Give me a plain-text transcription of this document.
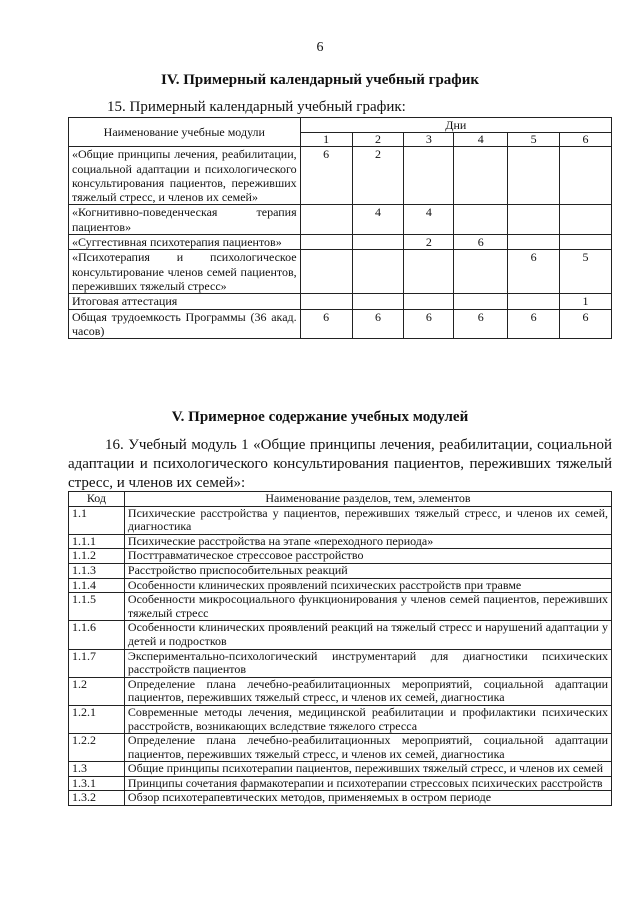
6
IV. Примерный календарный учебный график
15. Примерный календарный учебный график:
Наименование учебные модули	Дни					
	1	2	3	4	5	6
«Общие принципы лечения, реабилитации, социальной адаптации и психологического консультирования пациентов, переживших тяжелый стресс, и членов их семей»	6	2				
«Когнитивно-поведенческая терапия пациентов»		4	4			
«Суггестивная психотерапия пациентов»			2	6		
«Психотерапия и психологическое консультирование членов семей пациентов, переживших тяжелый стресс»					6	5
Итоговая аттестация						1
Общая трудоемкость Программы (36 акад. часов)	6	6	6	6	6	6
V. Примерное содержание учебных модулей
16. Учебный модуль 1 «Общие принципы лечения, реабилитации, социальной адаптации и психологического консультирования пациентов, переживших тяжелый стресс, и членов их семей»:
Код	Наименование разделов, тем, элементов
1.1	Психические расстройства у пациентов, переживших тяжелый стресс, и членов их семей, диагностика
1.1.1	Психические расстройства на этапе «переходного периода»
1.1.2	Посттравматическое стрессовое расстройство
1.1.3	Расстройство приспособительных реакций
1.1.4	Особенности клинических проявлений психических расстройств при травме
1.1.5	Особенности микросоциального функционирования у членов семей пациентов, переживших тяжелый стресс
1.1.6	Особенности клинических проявлений реакций на тяжелый стресс и нарушений адаптации у детей и подростков
1.1.7	Экспериментально-психологический инструментарий для диагностики психических расстройств пациентов
1.2	Определение плана лечебно-реабилитационных мероприятий, социальной адаптации пациентов, переживших тяжелый стресс, и членов их семей, диагностика
1.2.1	Современные методы лечения, медицинской реабилитации и профилактики психических расстройств, возникающих вследствие тяжелого стресса
1.2.2	Определение плана лечебно-реабилитационных мероприятий, социальной адаптации пациентов, переживших тяжелый стресс, и членов их семей, диагностика
1.3	Общие принципы психотерапии пациентов, переживших тяжелый стресс, и членов их семей
1.3.1	Принципы сочетания фармакотерапии и психотерапии стрессовых психических расстройств
1.3.2	Обзор психотерапевтических методов, применяемых в остром периоде
